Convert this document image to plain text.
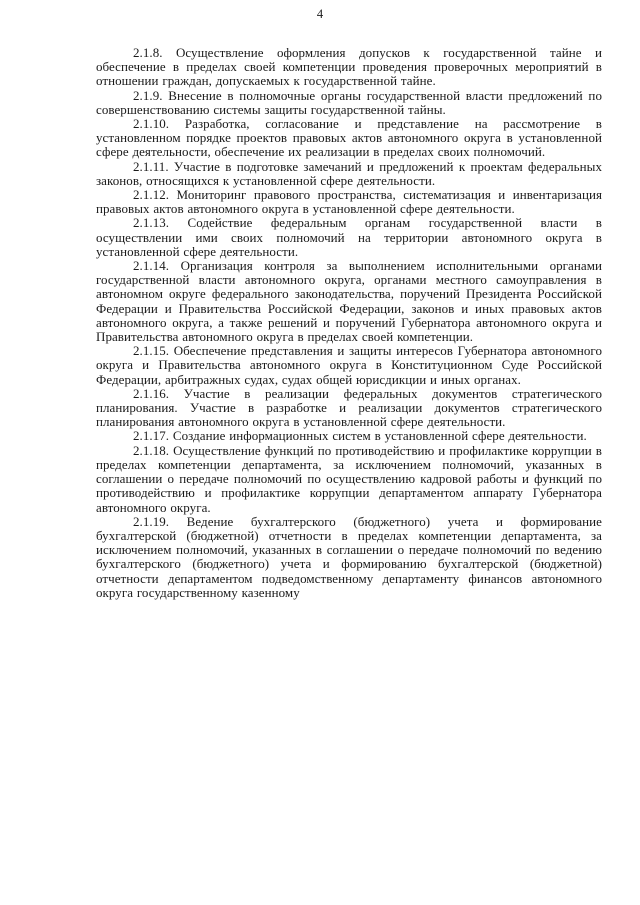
4

2.1.8. Осуществление оформления допусков к государственной тайне и обеспечение в пределах своей компетенции проведения проверочных мероприятий в отношении граждан, допускаемых к государственной тайне.

2.1.9. Внесение в полномочные органы государственной власти предложений по совершенствованию системы защиты государственной тайны.

2.1.10. Разработка, согласование и представление на рассмотрение в установленном порядке проектов правовых актов автономного округа в установленной сфере деятельности, обеспечение их реализации в пределах своих полномочий.

2.1.11. Участие в подготовке замечаний и предложений к проектам федеральных законов, относящихся к установленной сфере деятельности.

2.1.12. Мониторинг правового пространства, систематизация и инвентаризация правовых актов автономного округа в установленной сфере деятельности.

2.1.13. Содействие федеральным органам государственной власти в осуществлении ими своих полномочий на территории автономного округа в установленной сфере деятельности.

2.1.14. Организация контроля за выполнением исполнительными органами государственной власти автономного округа, органами местного самоуправления в автономном округе федерального законодательства, поручений Президента Российской Федерации и Правительства Российской Федерации, законов и иных правовых актов автономного округа, а также решений и поручений Губернатора автономного округа и Правительства автономного округа в пределах своей компетенции.

2.1.15. Обеспечение представления и защиты интересов Губернатора автономного округа и Правительства автономного округа в Конституционном Суде Российской Федерации, арбитражных судах, судах общей юрисдикции и иных органах.

2.1.16. Участие в реализации федеральных документов стратегического планирования. Участие в разработке и реализации документов стратегического планирования автономного округа в установленной сфере деятельности.

2.1.17. Создание информационных систем в установленной сфере деятельности.

2.1.18. Осуществление функций по противодействию и профилактике коррупции в пределах компетенции департамента, за исключением полномочий, указанных в соглашении о передаче полномочий по осуществлению кадровой работы и функций по противодействию и профилактике коррупции департаментом аппарату Губернатора автономного округа.

2.1.19. Ведение бухгалтерского (бюджетного) учета и формирование бухгалтерской (бюджетной) отчетности в пределах компетенции департамента, за исключением полномочий, указанных в соглашении о передаче полномочий по ведению бухгалтерского (бюджетного) учета и формированию бухгалтерской (бюджетной) отчетности департаментом подведомственному департаменту финансов автономного округа государственному казенному
